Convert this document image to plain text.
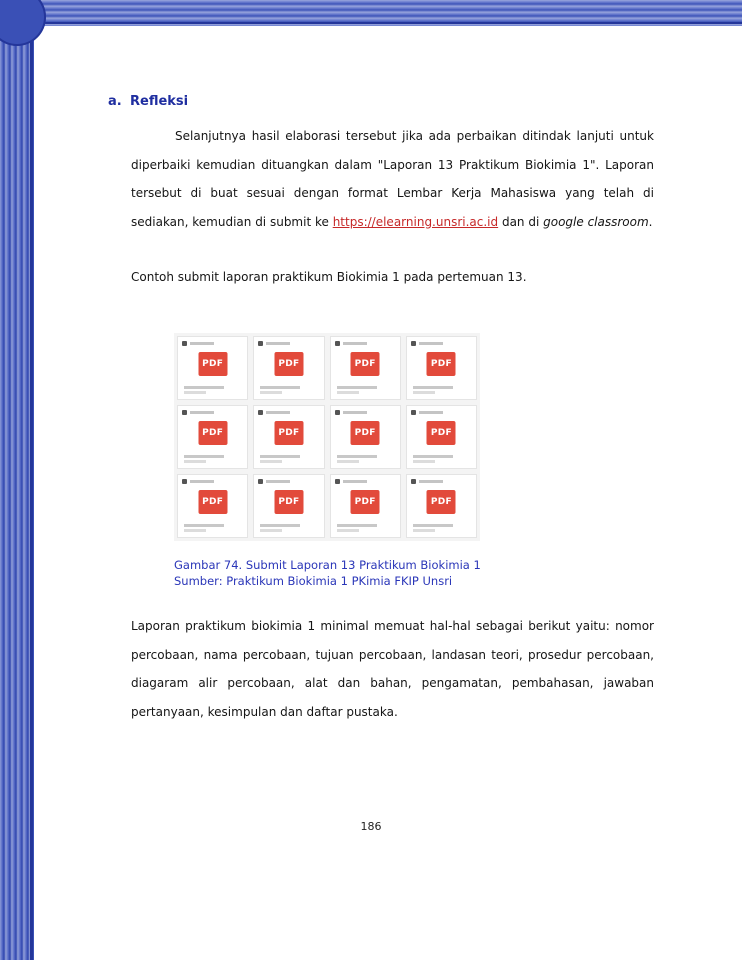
a. Refleksi
Selanjutnya hasil elaborasi tersebut jika ada perbaikan ditindak lanjuti untuk diperbaiki kemudian dituangkan dalam "Laporan 13 Praktikum Biokimia 1". Laporan tersebut di buat sesuai dengan format Lembar Kerja Mahasiswa yang telah di sediakan, kemudian di submit ke https://elearning.unsri.ac.id dan di google classroom.
Contoh submit laporan praktikum Biokimia 1 pada pertemuan 13.
PDF	PDF	PDF	PDF
PDF	PDF	PDF	PDF
PDF	PDF	PDF	PDF
Gambar 74. Submit Laporan 13 Praktikum Biokimia 1
Sumber: Praktikum Biokimia 1 PKimia FKIP Unsri
Laporan praktikum biokimia 1 minimal memuat hal-hal sebagai berikut yaitu: nomor percobaan, nama percobaan, tujuan percobaan, landasan teori, prosedur percobaan, diagaram alir percobaan, alat dan bahan, pengamatan, pembahasan, jawaban pertanyaan, kesimpulan dan daftar pustaka.
186
